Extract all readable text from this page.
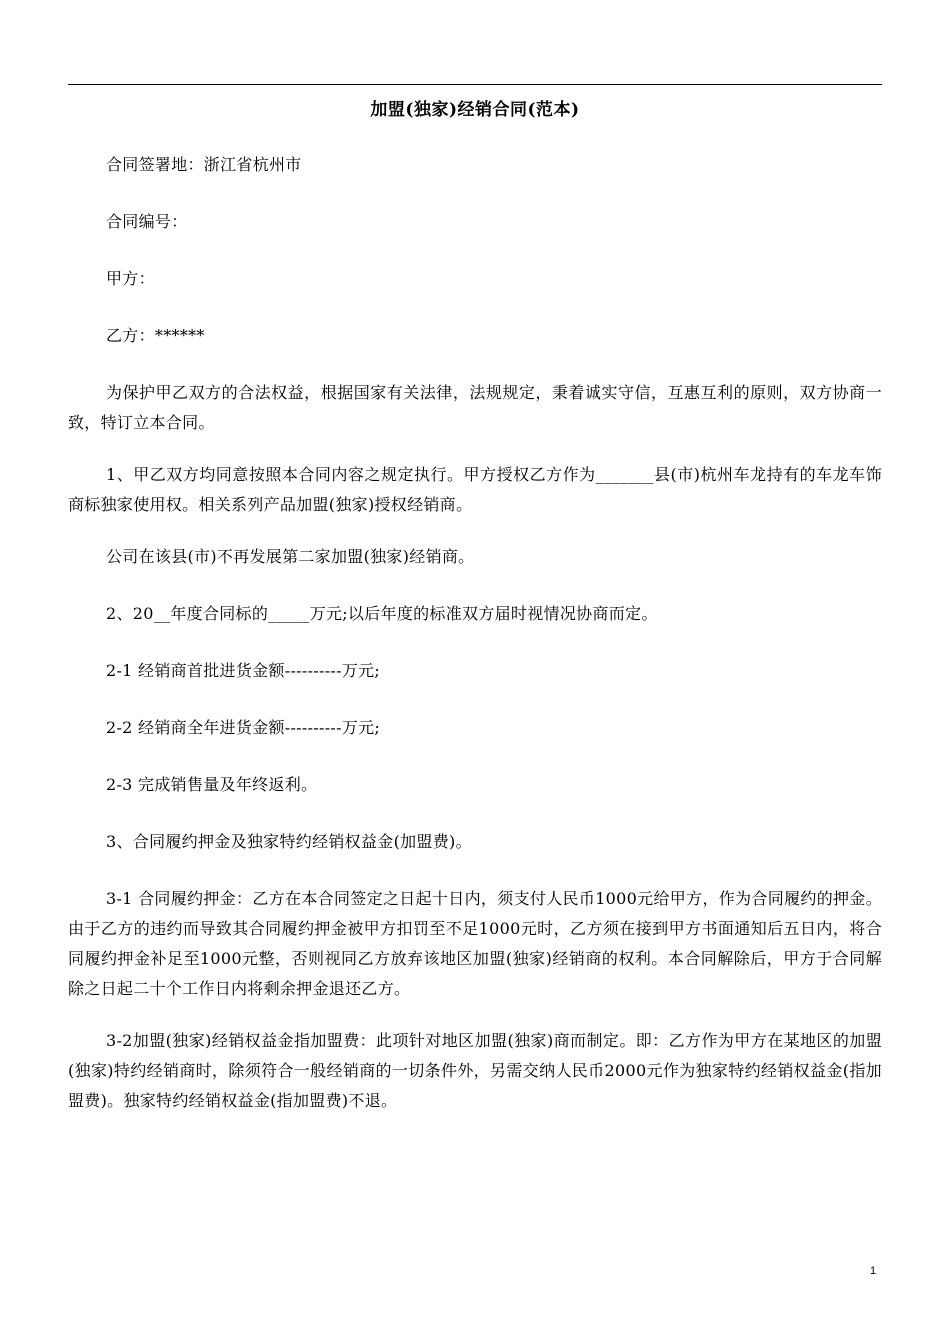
加盟(独家)经销合同(范本)

合同签署地：浙江省杭州市

合同编号：

甲方：

乙方：******

为保护甲乙双方的合法权益，根据国家有关法律，法规规定，秉着诚实守信，互惠互利的原则，双方协商一致，特订立本合同。

1、甲乙双方均同意按照本合同内容之规定执行。甲方授权乙方作为_______县(市)杭州车龙持有的车龙车饰商标独家使用权。相关系列产品加盟(独家)授权经销商。

公司在该县(市)不再发展第二家加盟(独家)经销商。

2、20__年度合同标的_____万元;以后年度的标准双方届时视情况协商而定。

2-1 经销商首批进货金额----------万元;

2-2 经销商全年进货金额----------万元;

2-3 完成销售量及年终返利。

3、合同履约押金及独家特约经销权益金(加盟费)。

3-1 合同履约押金：乙方在本合同签定之日起十日内，须支付人民币1000元给甲方，作为合同履约的押金。由于乙方的违约而导致其合同履约押金被甲方扣罚至不足1000元时，乙方须在接到甲方书面通知后五日内，将合同履约押金补足至1000元整，否则视同乙方放弃该地区加盟(独家)经销商的权利。本合同解除后，甲方于合同解除之日起二十个工作日内将剩余押金退还乙方。

3-2加盟(独家)经销权益金指加盟费：此项针对地区加盟(独家)商而制定。即：乙方作为甲方在某地区的加盟(独家)特约经销商时，除须符合一般经销商的一切条件外，另需交纳人民币2000元作为独家特约经销权益金(指加盟费)。独家特约经销权益金(指加盟费)不退。

1
